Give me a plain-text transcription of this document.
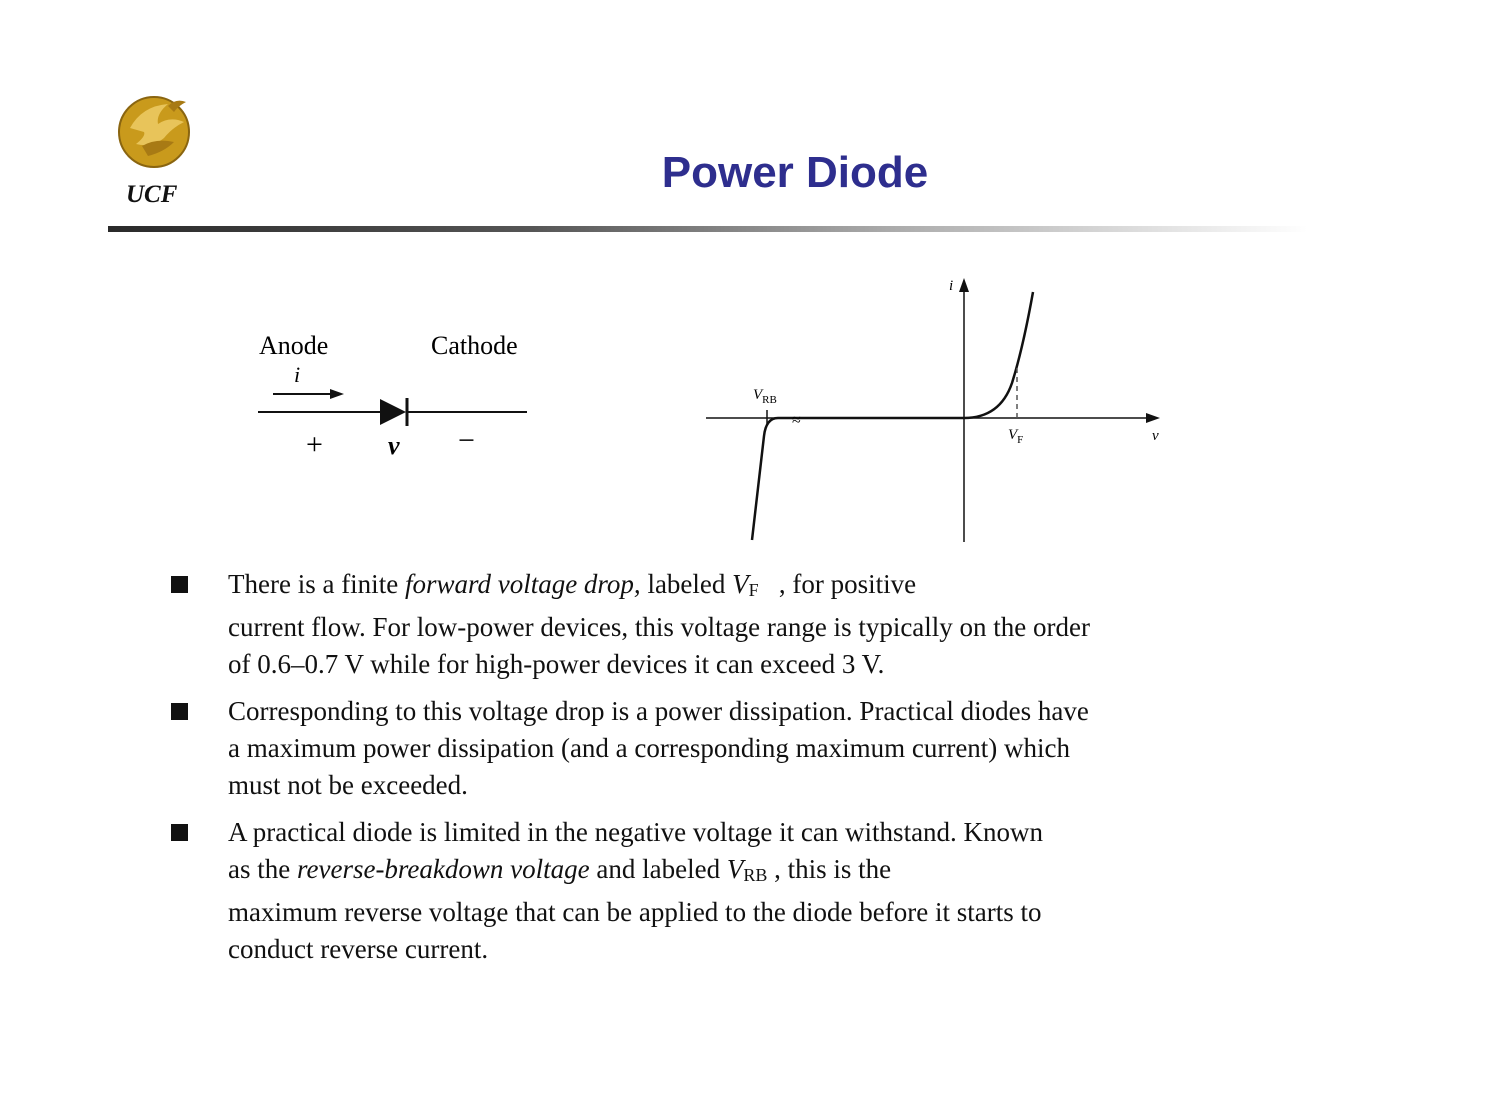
UCF	Power Diode
Anode	Cathode
i
+	v −
i
v
≈
$V_{RB}$
$V_F$
There is a finite forward voltage drop, labeled VF   , for positive
current flow. For low-power devices, this voltage range is typically on the order
of 0.6–0.7 V while for high-power devices it can exceed 3 V.
Corresponding to this voltage drop is a power dissipation. Practical diodes have
a maximum power dissipation (and a corresponding maximum current) which
must not be exceeded.
A practical diode is limited in the negative voltage it can withstand. Known
as the reverse-breakdown voltage and labeled VRB , this is the
maximum reverse voltage that can be applied to the diode before it starts to
conduct reverse current.
